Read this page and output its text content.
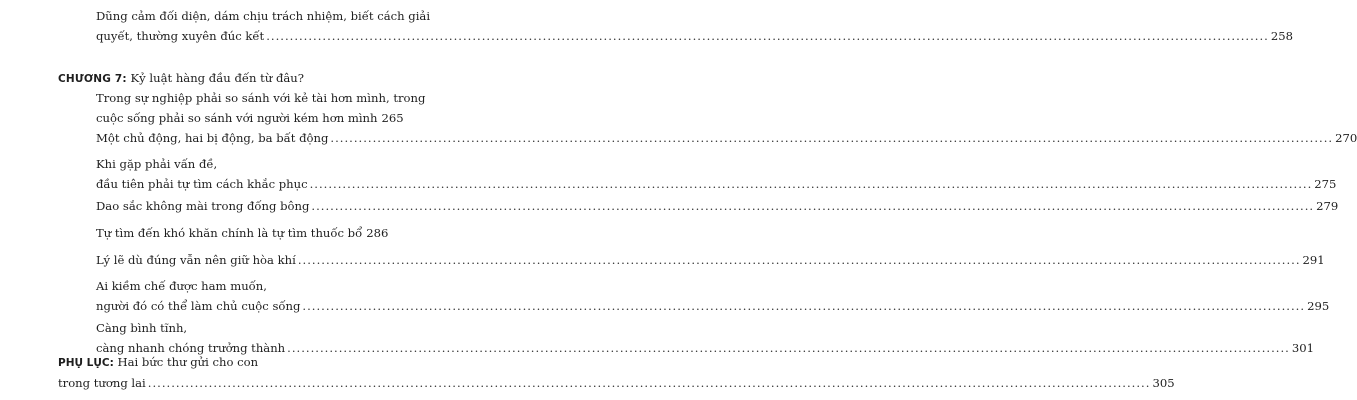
Dũng cảm đối diện, dám chịu trách nhiệm, biết cách giải
quyết, thường xuyên đúc kết .....	258
CHƯƠNG 7: Kỷ luật hàng đầu đến từ đâu?
Trong sự nghiệp phải so sánh với kẻ tài hơn mình, trong
cuộc sống phải so sánh với người kém hơn mình 265
Một chủ động, hai bị động, ba bất động .....	270
Khi gặp phải vấn đề,
đầu tiên phải tự tìm cách khắc phục .....	275
Dao sắc không mài trong đống bông .....	279
Tự tìm đến khó khăn chính là tự tìm thuốc bổ 286
Lý lẽ dù đúng vẫn nên giữ hòa khí .....	291
Ai kiềm chế được ham muốn,
người đó có thể làm chủ cuộc sống .....	295
Càng bình tĩnh,
càng nhanh chóng trưởng thành .....	301
PHỤ LỤC: Hai bức thư gửi cho con
trong tương lai .....	305
